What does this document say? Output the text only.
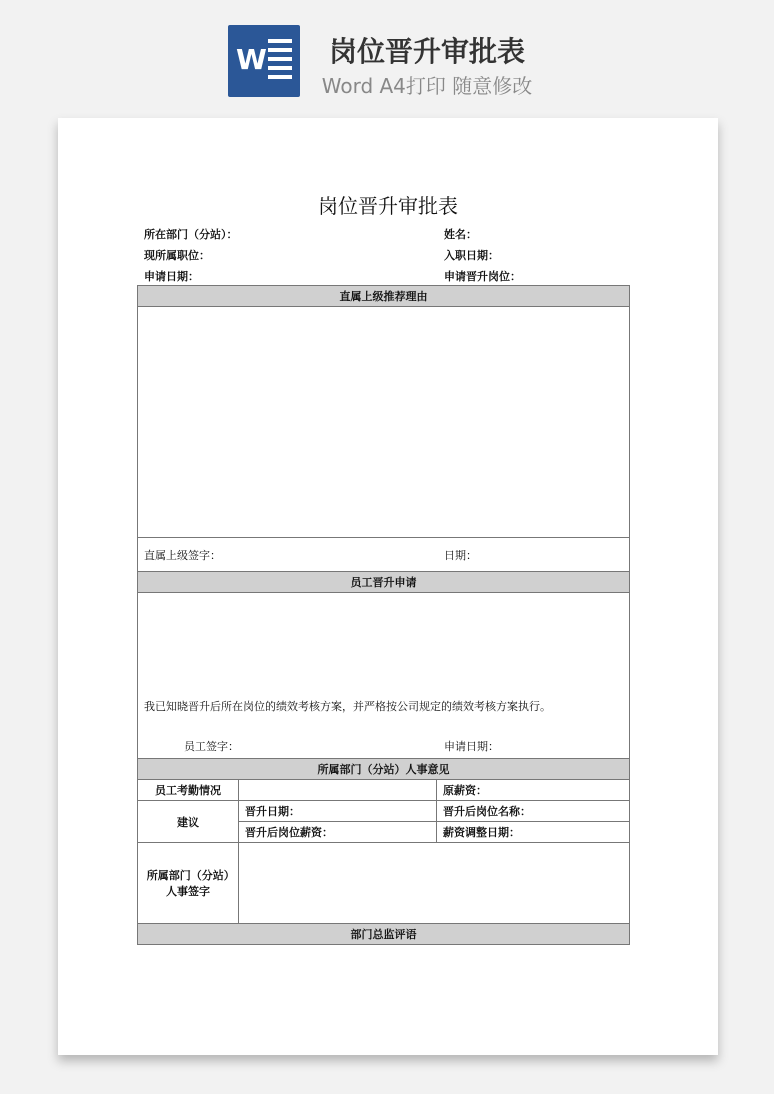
W	岗位晋升审批表
Word A4打印 随意修改
岗位晋升审批表
所在部门（分站）：	姓名：
现所属职位：	入职日期：
申请日期：	申请晋升岗位：
直属上级推荐理由		

直属上级签字： 日期：		

员工晋升申请		

我已知晓晋升后所在岗位的绩效考核方案，并严格按公司规定的绩效考核方案执行。
员工签字： 申请日期：		

所属部门（分站）人事意见		
员工考勤情况		原薪资：
建议	晋升日期：	晋升后岗位名称：
	晋升后岗位薪资：	薪资调整日期：
所属部门（分站）人事签字		
部门总监评语		
